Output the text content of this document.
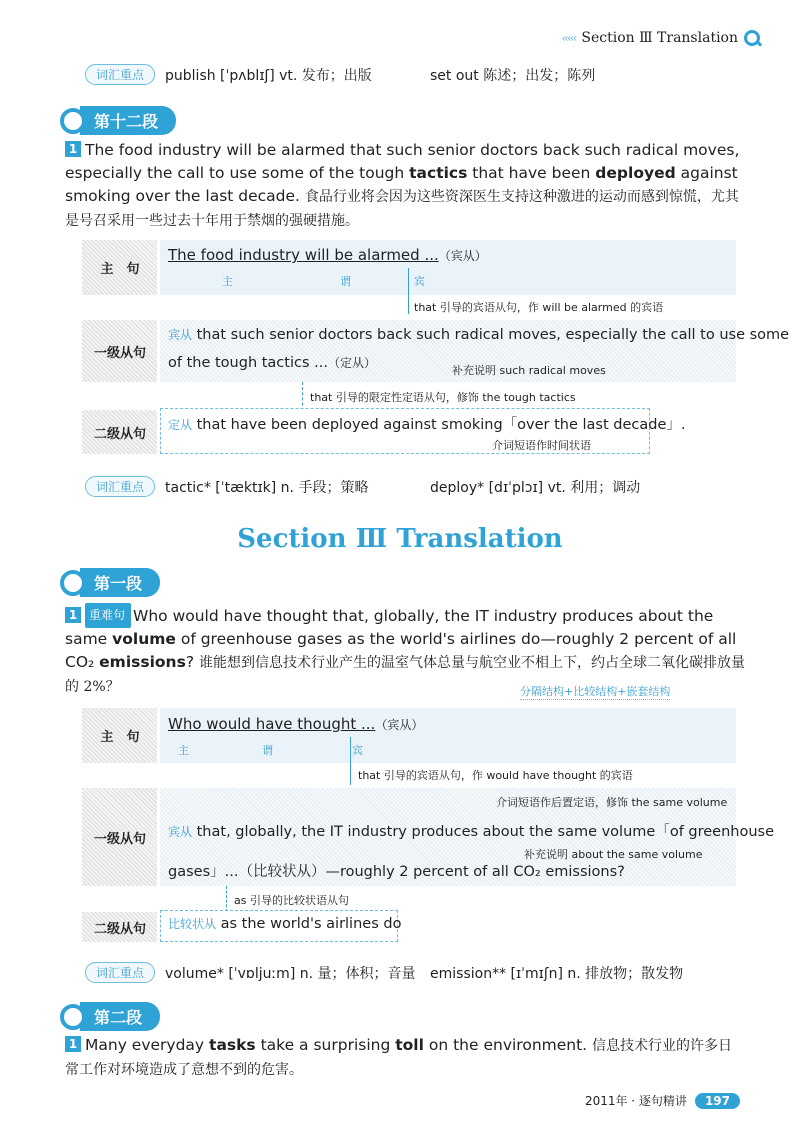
‹‹‹‹‹ Section Ⅲ Translation
词汇重点	publish [ˈpʌblɪʃ] vt. 发布；出版	set out 陈述；出发；陈列
第十二段
1 The food industry will be alarmed that such senior doctors back such radical moves, especially the call to use some of the tough tactics that have been deployed against smoking over the last decade. 食品行业将会因为这些资深医生支持这种激进的运动而感到惊慌，尤其是号召采用一些过去十年用于禁烟的强硬措施。
主　句
The food industry will be alarmed ...（宾从）
主	谓	宾
that 引导的宾语从句，作 will be alarmed 的宾语
一级从句
宾从 that such senior doctors back such radical moves, especially the call to use some
of the tough tactics ...（定从）
补充说明 such radical moves
that 引导的限定性定语从句，修饰 the tough tactics
二级从句
定从 that have been deployed against smoking「over the last decade」.
介词短语作时间状语
词汇重点	tactic* [ˈtæktɪk] n. 手段；策略	deploy* [dɪˈplɔɪ] vt. 利用；调动
Section Ⅲ Translation
第一段
1 重难句 Who would have thought that, globally, the IT industry produces about the same volume of greenhouse gases as the world's airlines do—roughly 2 percent of all CO₂ emissions? 谁能想到信息技术行业产生的温室气体总量与航空业不相上下，约占全球二氧化碳排放量的 2%？	分隔结构+比较结构+嵌套结构
主　句
Who would have thought ...（宾从）
主	谓	宾
that 引导的宾语从句，作 would have thought 的宾语
一级从句
介词短语作后置定语，修饰 the same volume
宾从 that, globally, the IT industry produces about the same volume「of greenhouse
补充说明 about the same volume
gases」...（比较状从）—roughly 2 percent of all CO₂ emissions?
as 引导的比较状语从句
二级从句	比较状从 as the world's airlines do
词汇重点	volume* [ˈvɒljuːm] n. 量；体积；音量	emission** [ɪˈmɪʃn] n. 排放物；散发物
第二段
1 Many everyday tasks take a surprising toll on the environment. 信息技术行业的许多日常工作对环境造成了意想不到的危害。
2011年 · 逐句精讲	197
